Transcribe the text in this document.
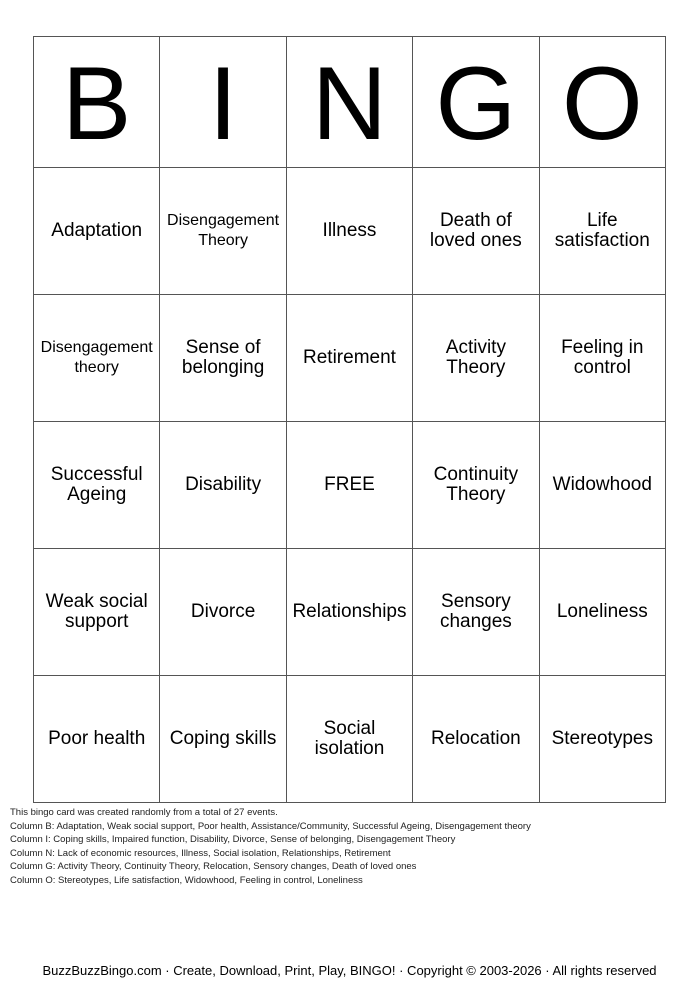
B	I	N	G	O
Adaptation	Disengagement Theory	Illness	Death of loved ones	Life satisfaction
Disengagement theory	Sense of belonging	Retirement	Activity Theory	Feeling in control
Successful Ageing	Disability	FREE	Continuity Theory	Widowhood
Weak social support	Divorce	Relationships	Sensory changes	Loneliness
Poor health	Coping skills	Social isolation	Relocation	Stereotypes
This bingo card was created randomly from a total of 27 events.
Column B: Adaptation, Weak social support, Poor health, Assistance/Community, Successful Ageing, Disengagement theory
Column I: Coping skills, Impaired function, Disability, Divorce, Sense of belonging, Disengagement Theory
Column N: Lack of economic resources, Illness, Social isolation, Relationships, Retirement
Column G: Activity Theory, Continuity Theory, Relocation, Sensory changes, Death of loved ones
Column O: Stereotypes, Life satisfaction, Widowhood, Feeling in control, Loneliness
BuzzBuzzBingo.com · Create, Download, Print, Play, BINGO! · Copyright © 2003-2026 · All rights reserved
